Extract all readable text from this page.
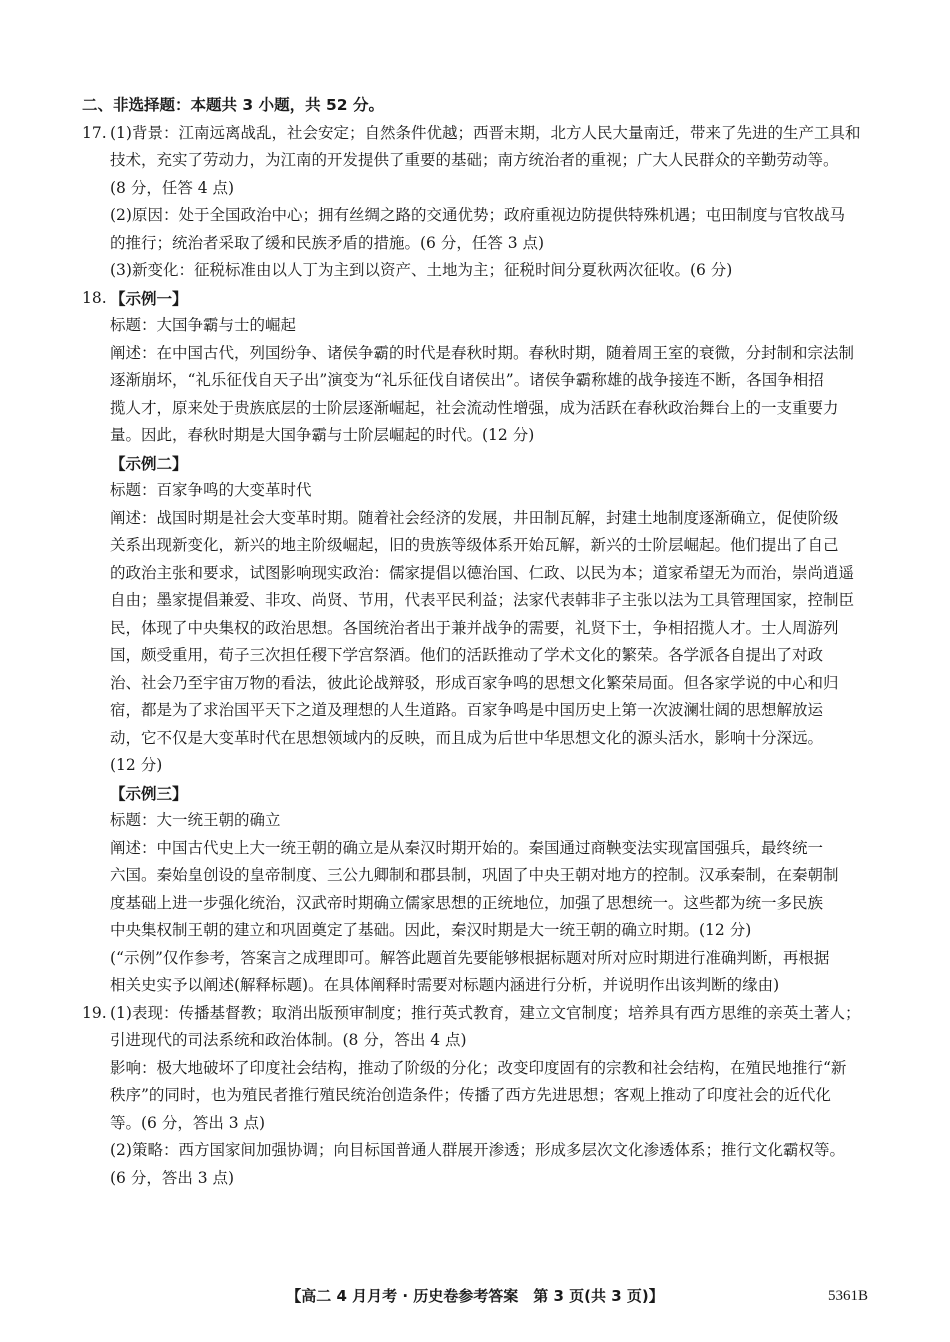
二、非选择题：本题共 3 小题，共 52 分。
17. (1)背景：江南远离战乱，社会安定；自然条件优越；西晋末期，北方人民大量南迁，带来了先进的生产工具和
技术，充实了劳动力，为江南的开发提供了重要的基础；南方统治者的重视；广大人民群众的辛勤劳动等。
(8 分，任答 4 点)
(2)原因：处于全国政治中心；拥有丝绸之路的交通优势；政府重视边防提供特殊机遇；屯田制度与官牧战马
的推行；统治者采取了缓和民族矛盾的措施。(6 分，任答 3 点)
(3)新变化：征税标准由以人丁为主到以资产、土地为主；征税时间分夏秋两次征收。(6 分)
18. 【示例一】
标题：大国争霸与士的崛起
阐述：在中国古代，列国纷争、诸侯争霸的时代是春秋时期。春秋时期，随着周王室的衰微，分封制和宗法制
逐渐崩坏，“礼乐征伐自天子出”演变为“礼乐征伐自诸侯出”。诸侯争霸称雄的战争接连不断，各国争相招
揽人才，原来处于贵族底层的士阶层逐渐崛起，社会流动性增强，成为活跃在春秋政治舞台上的一支重要力
量。因此，春秋时期是大国争霸与士阶层崛起的时代。(12 分)
【示例二】
标题：百家争鸣的大变革时代
阐述：战国时期是社会大变革时期。随着社会经济的发展，井田制瓦解，封建土地制度逐渐确立，促使阶级
关系出现新变化，新兴的地主阶级崛起，旧的贵族等级体系开始瓦解，新兴的士阶层崛起。他们提出了自己
的政治主张和要求，试图影响现实政治：儒家提倡以德治国、仁政、以民为本；道家希望无为而治，崇尚逍遥
自由；墨家提倡兼爱、非攻、尚贤、节用，代表平民利益；法家代表韩非子主张以法为工具管理国家，控制臣
民，体现了中央集权的政治思想。各国统治者出于兼并战争的需要，礼贤下士，争相招揽人才。士人周游列
国，颇受重用，荀子三次担任稷下学宫祭酒。他们的活跃推动了学术文化的繁荣。各学派各自提出了对政
治、社会乃至宇宙万物的看法，彼此论战辩驳，形成百家争鸣的思想文化繁荣局面。但各家学说的中心和归
宿，都是为了求治国平天下之道及理想的人生道路。百家争鸣是中国历史上第一次波澜壮阔的思想解放运
动，它不仅是大变革时代在思想领域内的反映，而且成为后世中华思想文化的源头活水，影响十分深远。
(12 分)
【示例三】
标题：大一统王朝的确立
阐述：中国古代史上大一统王朝的确立是从秦汉时期开始的。秦国通过商鞅变法实现富国强兵，最终统一
六国。秦始皇创设的皇帝制度、三公九卿制和郡县制，巩固了中央王朝对地方的控制。汉承秦制，在秦朝制
度基础上进一步强化统治，汉武帝时期确立儒家思想的正统地位，加强了思想统一。这些都为统一多民族
中央集权制王朝的建立和巩固奠定了基础。因此，秦汉时期是大一统王朝的确立时期。(12 分)
(“示例”仅作参考，答案言之成理即可。解答此题首先要能够根据标题对所对应时期进行准确判断，再根据
相关史实予以阐述(解释标题)。在具体阐释时需要对标题内涵进行分析，并说明作出该判断的缘由)
19. (1)表现：传播基督教；取消出版预审制度；推行英式教育，建立文官制度；培养具有西方思维的亲英土著人；
引进现代的司法系统和政治体制。(8 分，答出 4 点)
影响：极大地破坏了印度社会结构，推动了阶级的分化；改变印度固有的宗教和社会结构，在殖民地推行“新
秩序”的同时，也为殖民者推行殖民统治创造条件；传播了西方先进思想；客观上推动了印度社会的近代化
等。(6 分，答出 3 点)
(2)策略：西方国家间加强协调；向目标国普通人群展开渗透；形成多层次文化渗透体系；推行文化霸权等。
(6 分，答出 3 点)
【高二 4 月月考 · 历史卷参考答案　第 3 页(共 3 页)】	5361B
